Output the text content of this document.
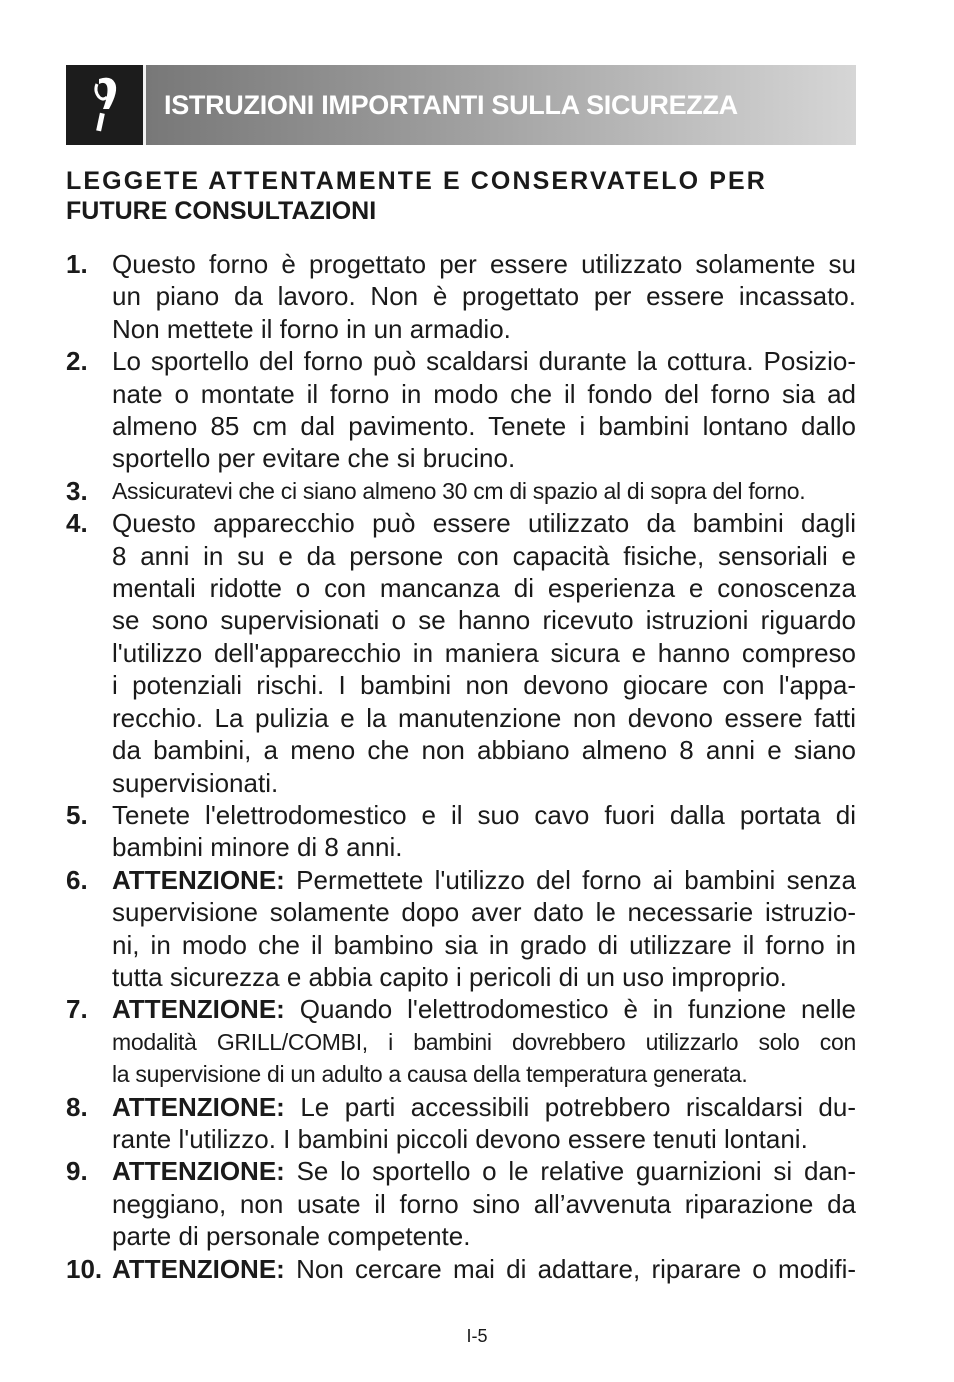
ISTRUZIONI IMPORTANTI SULLA SICUREZZA
LEGGETE ATTENTAMENTE E CONSERVATELO PER
FUTURE CONSULTAZIONI
1. Questo forno è progettato per essere utilizzato solamente su
un piano da lavoro. Non è progettato per essere incassato.
Non mettete il forno in un armadio.
2. Lo sportello del forno può scaldarsi durante la cottura. Posizio-
nate o montate il forno in modo che il fondo del forno sia ad
almeno 85 cm dal pavimento. Tenete i bambini lontano dallo
sportello per evitare che si brucino.
3.	Assicuratevi che ci siano almeno 30 cm di spazio al di sopra del forno.
4. Questo apparecchio può essere utilizzato da bambini dagli
8 anni in su e da persone con capacità fisiche, sensoriali e
mentali ridotte o con mancanza di esperienza e conoscenza
se sono supervisionati o se hanno ricevuto istruzioni riguardo
l'utilizzo dell'apparecchio in maniera sicura e hanno compreso
i potenziali rischi. I bambini non devono giocare con l'appa-
recchio. La pulizia e la manutenzione non devono essere fatti
da bambini, a meno che non abbiano almeno 8 anni e siano
supervisionati.
5. Tenete l'elettrodomestico e il suo cavo fuori dalla portata di
bambini minore di 8 anni.
6. ATTENZIONE: Permettete l'utilizzo del forno ai bambini senza
supervisione solamente dopo aver dato le necessarie istruzio-
ni, in modo che il bambino sia in grado di utilizzare il forno in
tutta sicurezza e abbia capito i pericoli di un uso improprio.
7. ATTENZIONE: Quando l'elettrodomestico è in funzione nelle
modalità GRILL/COMBI, i bambini dovrebbero utilizzarlo solo con
la supervisione di un adulto a causa della temperatura generata.
8. ATTENZIONE: Le parti accessibili potrebbero riscaldarsi du-
rante l'utilizzo. I bambini piccoli devono essere tenuti lontani.
9. ATTENZIONE: Se lo sportello o le relative guarnizioni si dan-
neggiano, non usate il forno sino all’avvenuta riparazione da
parte di personale competente.
10. ATTENZIONE: Non cercare mai di adattare, riparare o modifi-
I-5
